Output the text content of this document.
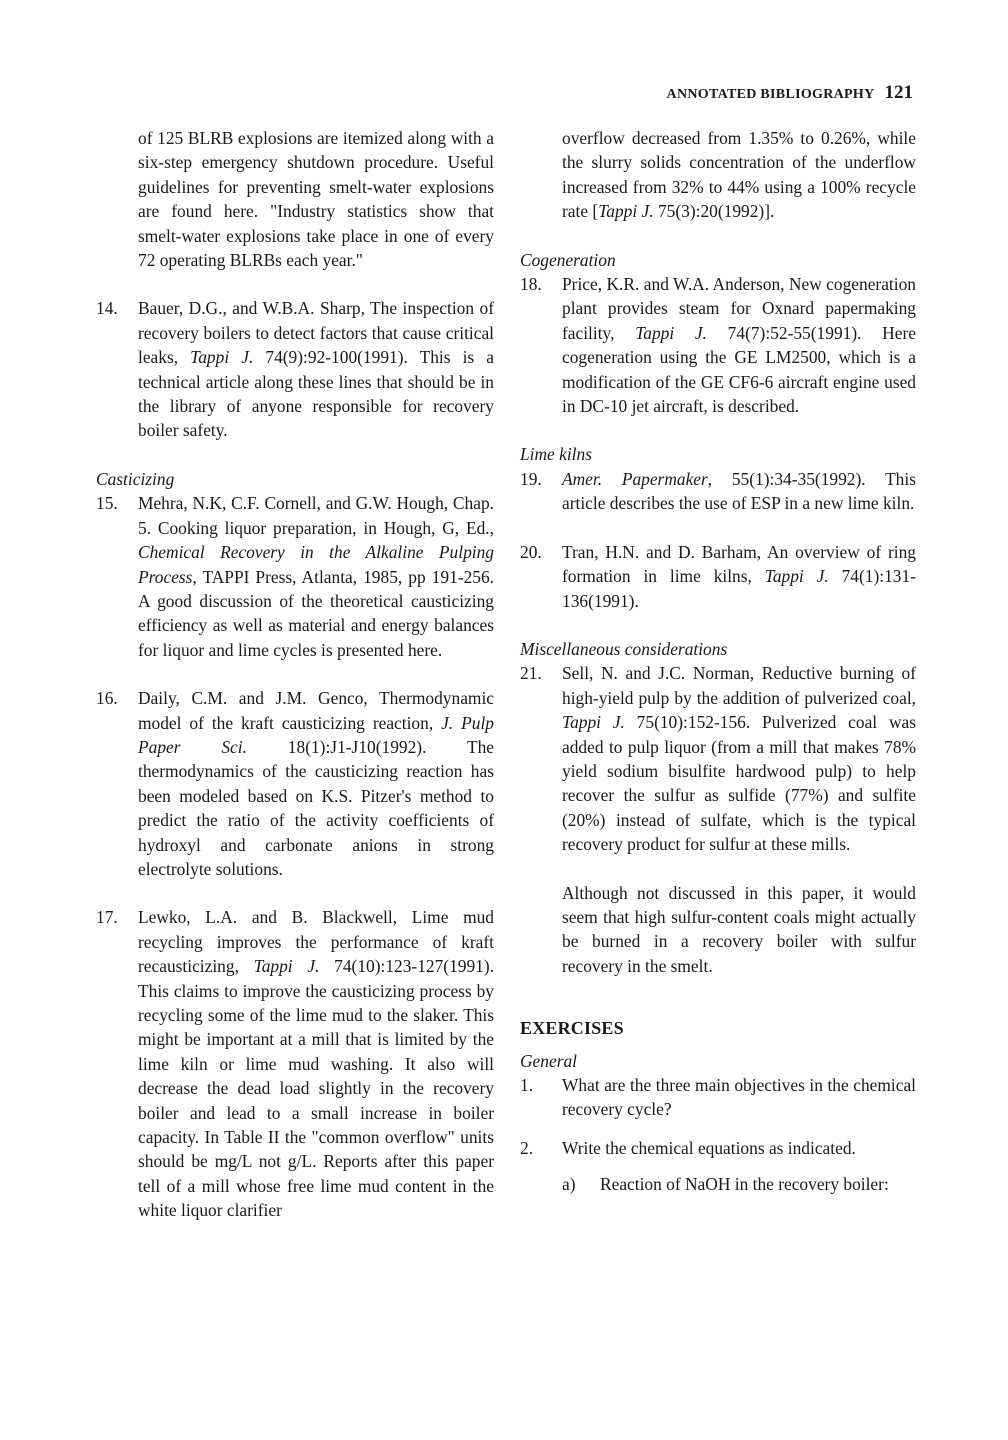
ANNOTATED BIBLIOGRAPHY 121

of 125 BLRB explosions are itemized along with a six-step emergency shutdown procedure. Useful guidelines for preventing smelt-water explosions are found here. "Industry statistics show that smelt-water explosions take place in one of every 72 operating BLRBs each year."

14.	Bauer, D.G., and W.B.A. Sharp, The inspection of recovery boilers to detect factors that cause critical leaks, Tappi J. 74(9):92-100(1991). This is a technical article along these lines that should be in the library of anyone responsible for recovery boiler safety.

Casticizing

15.	Mehra, N.K, C.F. Cornell, and G.W. Hough, Chap. 5. Cooking liquor preparation, in Hough, G, Ed., Chemical Recovery in the Alkaline Pulping Process, TAPPI Press, Atlanta, 1985, pp 191-256. A good discussion of the theoretical causticizing efficiency as well as material and energy balances for liquor and lime cycles is presented here.
16.	Daily, C.M. and J.M. Genco, Thermodynamic model of the kraft causticizing reaction, J. Pulp Paper Sci. 18(1):J1-J10(1992). The thermodynamics of the causticizing reaction has been modeled based on K.S. Pitzer's method to predict the ratio of the activity coefficients of hydroxyl and carbonate anions in strong electrolyte solutions.
17.	Lewko, L.A. and B. Blackwell, Lime mud recycling improves the performance of kraft recausticizing, Tappi J. 74(10):123-127(1991). This claims to improve the causticizing process by recycling some of the lime mud to the slaker. This might be important at a mill that is limited by the lime kiln or lime mud washing. It also will decrease the dead load slightly in the recovery boiler and lead to a small increase in boiler capacity. In Table II the "common overflow" units should be mg/L not g/L. Reports after this paper tell of a mill whose free lime mud content in the white liquor clarifier

overflow decreased from 1.35% to 0.26%, while the slurry solids concentration of the underflow increased from 32% to 44% using a 100% recycle rate [Tappi J. 75(3):20(1992)].

Cogeneration

18.	Price, K.R. and W.A. Anderson, New cogeneration plant provides steam for Oxnard papermaking facility, Tappi J. 74(7):52-55(1991). Here cogeneration using the GE LM2500, which is a modification of the GE CF6-6 aircraft engine used in DC-10 jet aircraft, is described.

Lime kilns

19.	Amer. Papermaker, 55(1):34-35(1992). This article describes the use of ESP in a new lime kiln.
20.	Tran, H.N. and D. Barham, An overview of ring formation in lime kilns, Tappi J. 74(1):131-136(1991).

Miscellaneous considerations

21.	Sell, N. and J.C. Norman, Reductive burning of high-yield pulp by the addition of pulverized coal, Tappi J. 75(10):152-156. Pulverized coal was added to pulp liquor (from a mill that makes 78% yield sodium bisulfite hardwood pulp) to help recover the sulfur as sulfide (77%) and sulfite (20%) instead of sulfate, which is the typical recovery product for sulfur at these mills.

Although not discussed in this paper, it would seem that high sulfur-content coals might actually be burned in a recovery boiler with sulfur recovery in the smelt.

EXERCISES

General

1.	What are the three main objectives in the chemical recovery cycle?
2.	Write the chemical equations as indicated.
a)	Reaction of NaOH in the recovery boiler:
